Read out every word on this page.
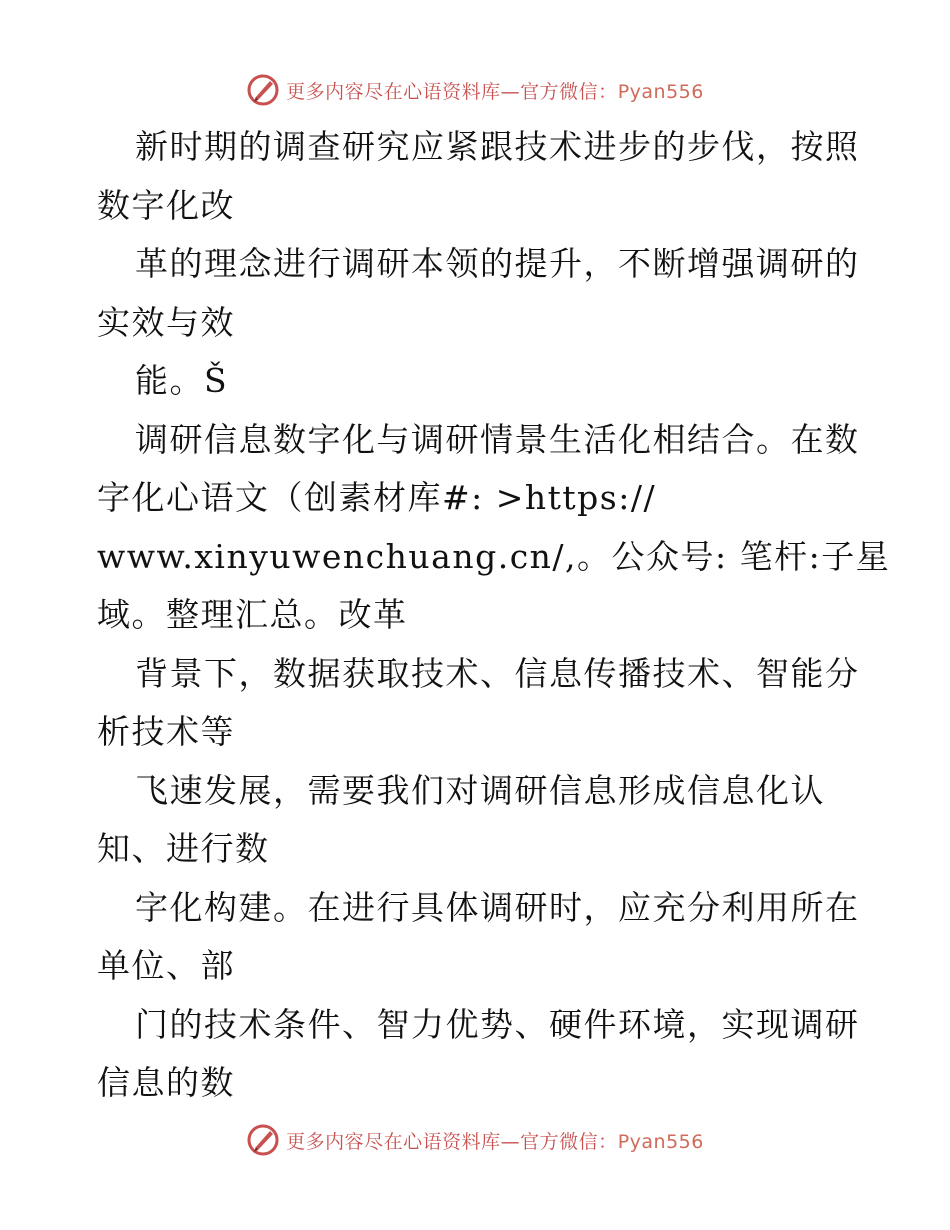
更多内容尽在心语资料库—官方微信：Pyan556
新时期的调查研究应紧跟技术进步的步伐，按照
数字化改
革的理念进行调研本领的提升，不断增强调研的
实效与效
能。Š
调研信息数字化与调研情景生活化相结合。在数
字化心语文（创素材库#: >https://
www.xinyuwenchuang.cn/,。公众号: 笔杆:子星
域。整理汇总。改革
背景下，数据获取技术、信息传播技术、智能分
析技术等
飞速发展，需要我们对调研信息形成信息化认
知、进行数
字化构建。在进行具体调研时，应充分利用所在
单位、部
门的技术条件、智力优势、硬件环境，实现调研
信息的数
更多内容尽在心语资料库—官方微信：Pyan556
